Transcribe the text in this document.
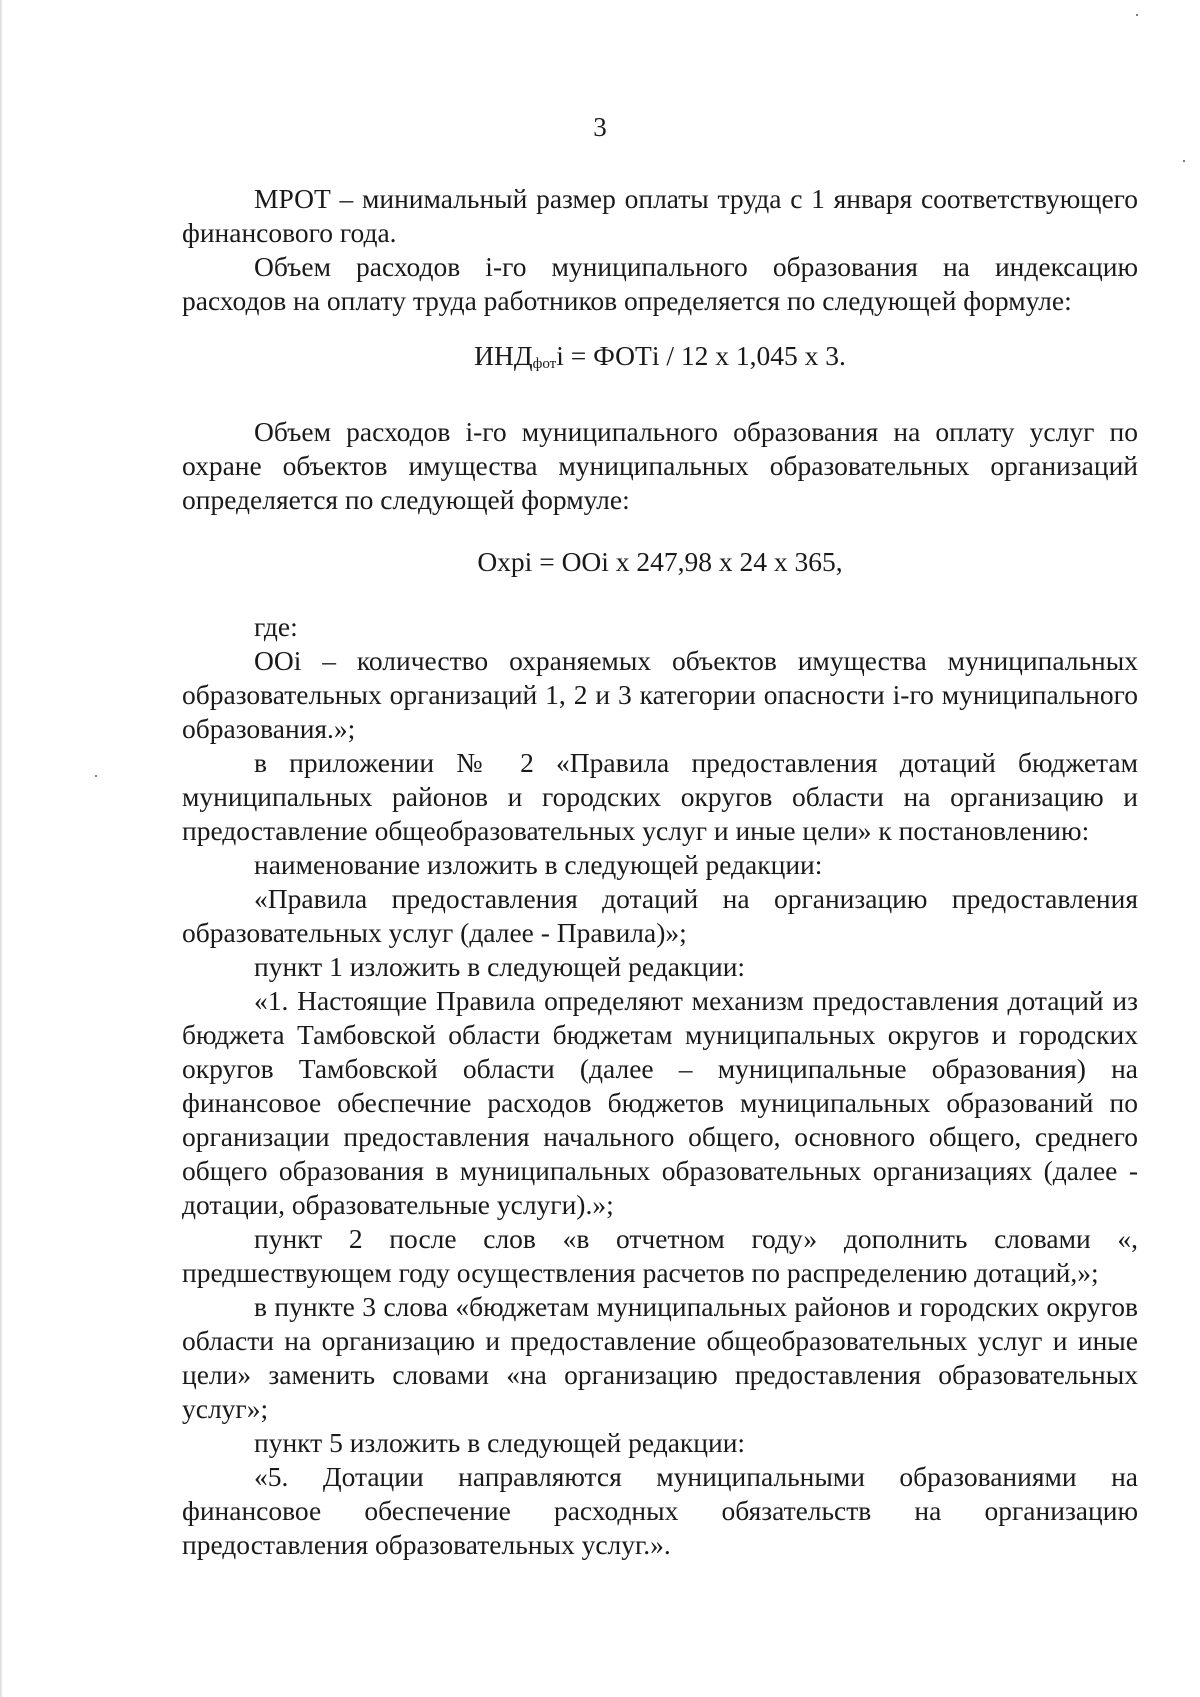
3

МРОТ – минимальный размер оплаты труда с 1 января соответствующего финансового года.

Объем расходов i-го муниципального образования на индексацию расходов на оплату труда работников определяется по следующей формуле:

$ИНД_{фот}i$ = ФОТi / 12 x 1,045 x 3.

Объем расходов i-го муниципального образования на оплату услуг по охране объектов имущества муниципальных образовательных организаций определяется по следующей формуле:

Охрi = ООi x 247,98 x 24 x 365,

где:

ООi – количество охраняемых объектов имущества муниципальных образовательных организаций 1, 2 и 3 категории опасности i-го муниципального образования.»;

в приложении № 2 «Правила предоставления дотаций бюджетам муниципальных районов и городских округов области на организацию и предоставление общеобразовательных услуг и иные цели» к постановлению:

наименование изложить в следующей редакции:

«Правила предоставления дотаций на организацию предоставления образовательных услуг (далее - Правила)»;

пункт 1 изложить в следующей редакции:

«1. Настоящие Правила определяют механизм предоставления дотаций из бюджета Тамбовской области бюджетам муниципальных округов и городских округов Тамбовской области (далее – муниципальные образования) на финансовое обеспечние расходов бюджетов муниципальных образований по организации предоставления начального общего, основного общего, среднего общего образования в муниципальных образовательных организациях (далее - дотации, образовательные услуги).»;

пункт 2 после слов «в отчетном году» дополнить словами «, предшествующем году осуществления расчетов по распределению дотаций,»;

в пункте 3 слова «бюджетам муниципальных районов и городских округов области на организацию и предоставление общеобразовательных услуг и иные цели» заменить словами «на организацию предоставления образовательных услуг»;

пункт 5 изложить в следующей редакции:

«5. Дотации направляются муниципальными образованиями на финансовое обеспечение расходных обязательств на организацию предоставления образовательных услуг.».
